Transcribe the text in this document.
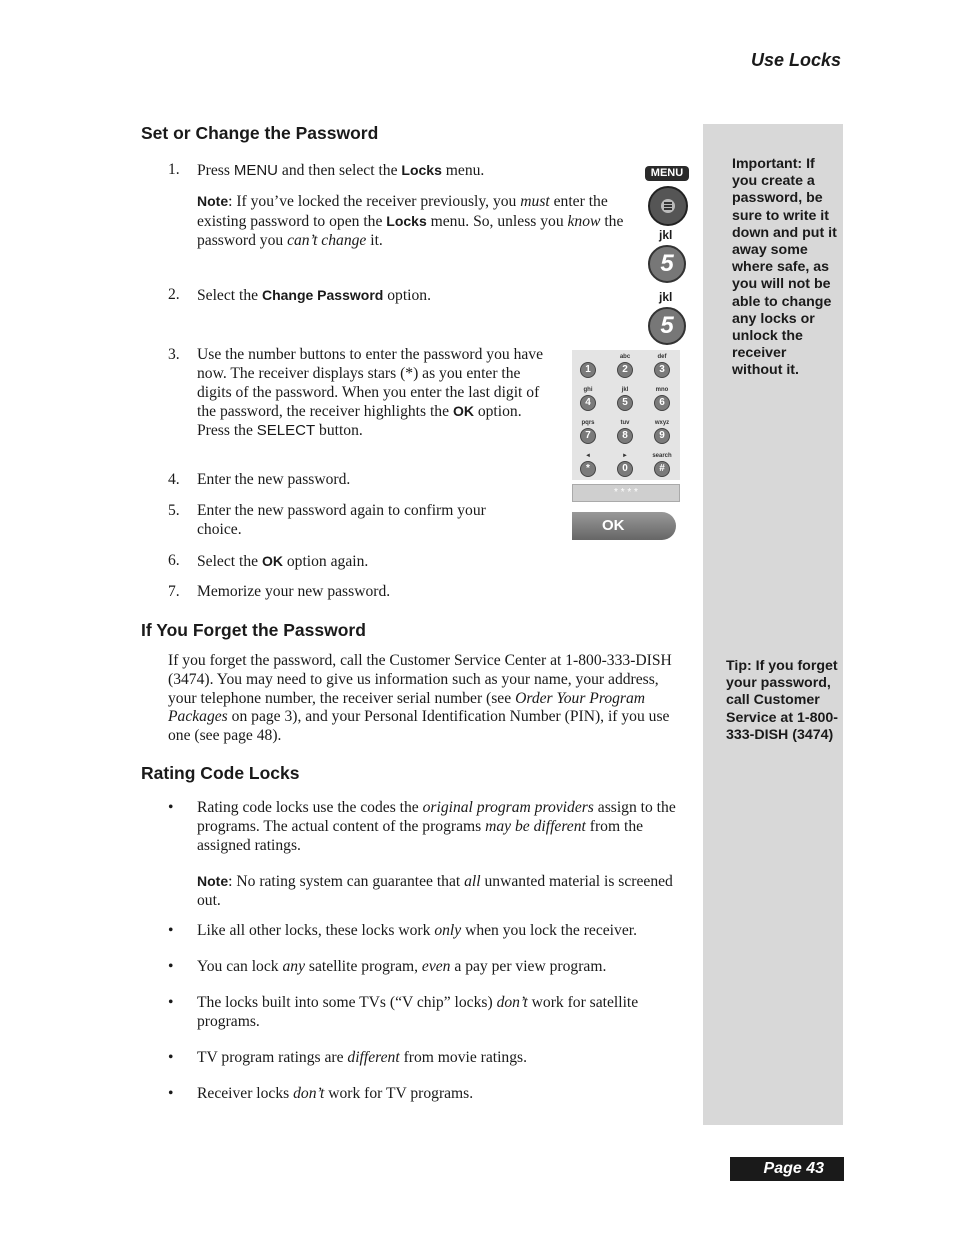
Use Locks
Important: If you create a password, be sure to write it down and put it away some where safe, as you will not be able to change any locks or unlock the receiver without it.
Tip: If you forget your password, call Customer Service at 1-800-333-DISH (3474)
Set or Change the Password
1. Press MENU and then select the Locks menu.
Note: If you’ve locked the receiver previously, you must enter the existing password to open the Locks menu. So, unless you know the password you can’t change it.
2. Select the Change Password option.
3. Use the number buttons to enter the password you have now. The receiver displays stars (*) as you enter the digits of the password. When you enter the last digit of the password, the receiver highlights the OK option. Press the SELECT button.
4. Enter the new password.
5. Enter the new password again to confirm your choice.
6. Select the OK option again.
7. Memorize your new password.
MENU
jkl
5
jkl
5
1
abc
2
def
3
ghi
4
jkl
5
mno
6
pqrs
7
tuv
8
wxyz
9
◄
*
►
0
search
#
* * * *
OK
If You Forget the Password
If you forget the password, call the Customer Service Center at 1-800-333-DISH (3474). You may need to give us information such as your name, your address, your telephone number, the receiver serial number (see Order Your Program Packages on page 3), and your Personal Identification Number (PIN), if you use one (see page 48).
Rating Code Locks
• Rating code locks use the codes the original program providers assign to the programs. The actual content of the programs may be different from the assigned ratings.
Note: No rating system can guarantee that all unwanted material is screened out.
• Like all other locks, these locks work only when you lock the receiver.
• You can lock any satellite program, even a pay per view program.
• The locks built into some TVs (“V chip” locks) don’t work for satellite programs.
• TV program ratings are different from movie ratings.
• Receiver locks don’t work for TV programs.
Page 43
